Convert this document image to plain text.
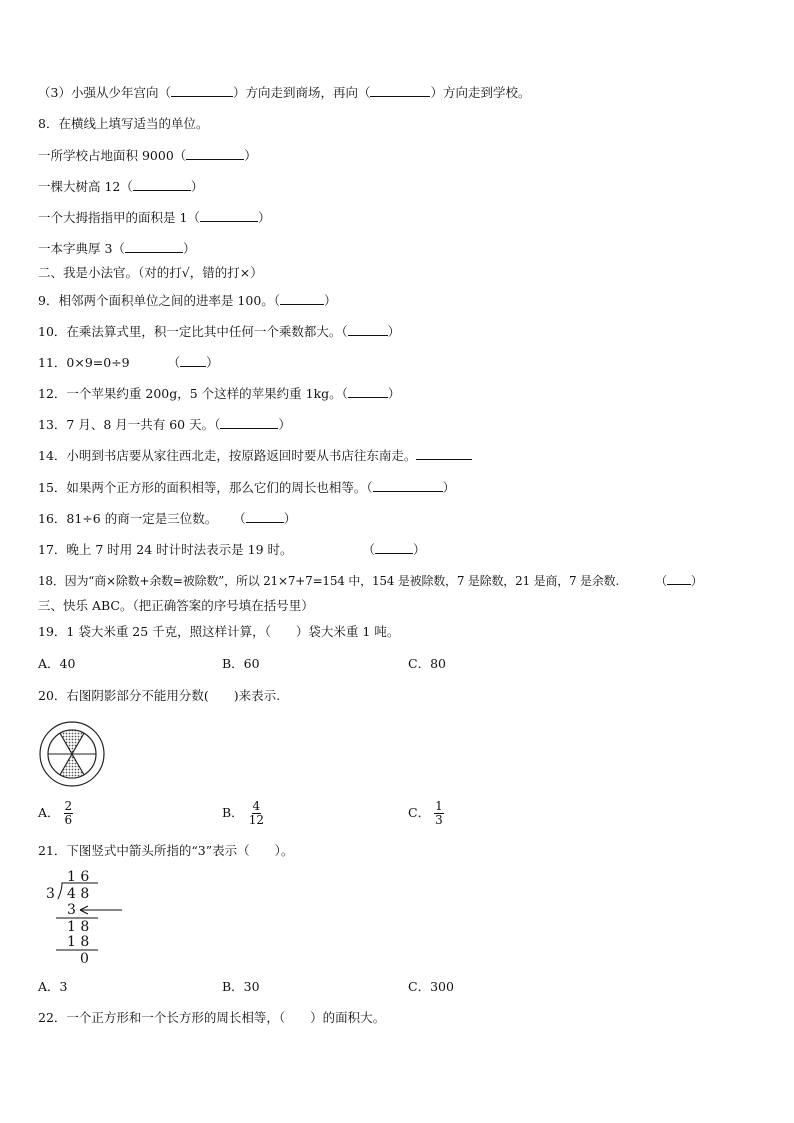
（3）小强从少年宫向（	）方向走到商场，再向（	）方向走到学校。
8．在横线上填写适当的单位。
一所学校占地面积 9000（	）
一棵大树高 12（	）
一个大拇指指甲的面积是 1（	）
一本字典厚 3（	）
二、我是小法官。（对的打√，错的打×）
9．相邻两个面积单位之间的进率是 100。（	）
10．在乘法算式里，积一定比其中任何一个乘数都大。（	）
11．0×9=0÷9	（ ）
12．一个苹果约重 200g，5 个这样的苹果约重 1kg。（	）
13．7 月、8 月一共有 60 天。（	）
14．小明到书店要从家往西北走，按原路返回时要从书店往东南走。
15．如果两个正方形的面积相等，那么它们的周长也相等。（	）
16．81÷6 的商一定是三位数。 （	）
17．晚上 7 时用 24 时计时法表示是 19 时。	（	）
18．因为“商×除数+余数=被除数”，所以 21×7+7=154 中，154 是被除数，7 是除数，21 是商，7 是余数.	（ ）
三、快乐 ABC。（把正确答案的序号填在括号里）
19．1 袋大米重 25 千克，照这样计算，（　　）袋大米重 1 吨。
A．40	B．60	C．80
20．右图阴影部分不能用分数(　　)来表示.
A． $\frac{2}{6}$	B． $\frac{4}{12}$	C． $\frac{1}{3}$
21．下图竖式中箭头所指的“3”表示（　　）。
1 6
3 4 8
3
1 8
1 8
0
A．3	B．30	C．300
22．一个正方形和一个长方形的周长相等，（　　）的面积大。
